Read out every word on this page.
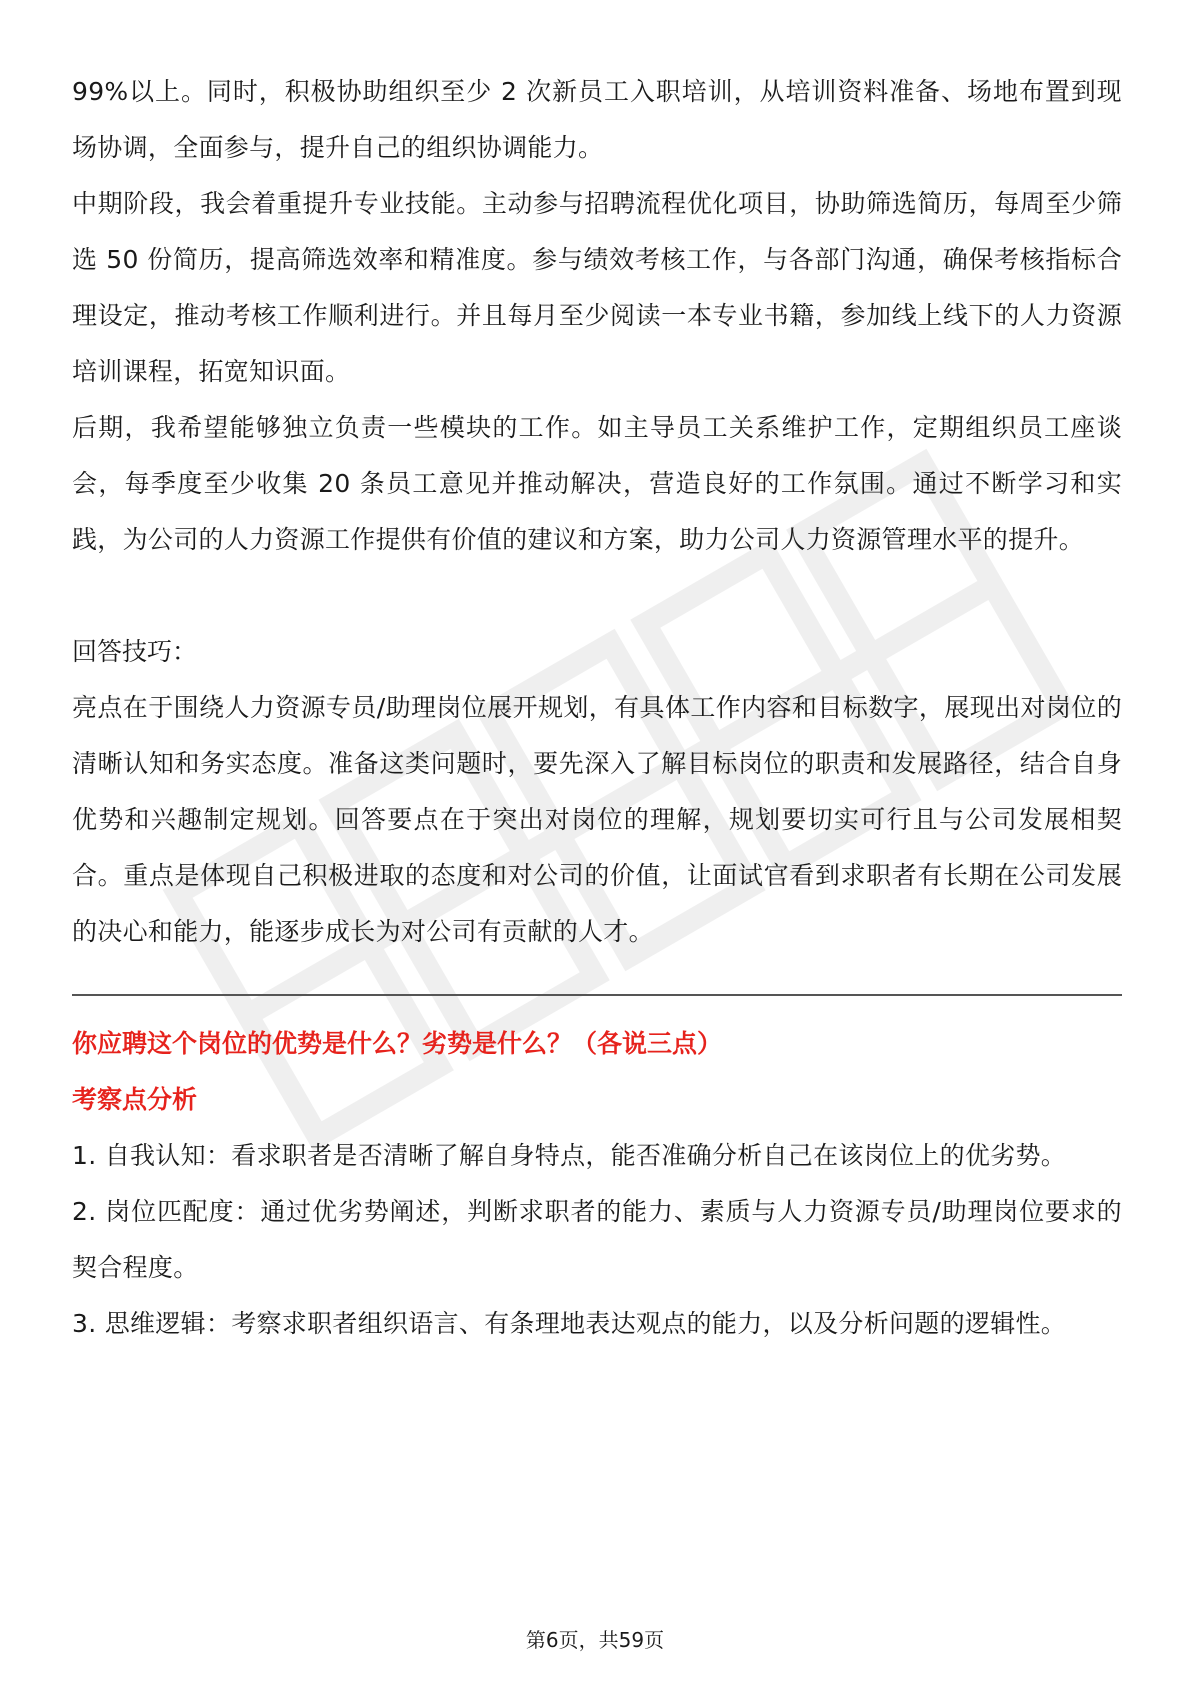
99%以上。同时，积极协助组织至少 2 次新员工入职培训，从培训资料准备、场地布置到现场协调，全面参与，提升自己的组织协调能力。

中期阶段，我会着重提升专业技能。主动参与招聘流程优化项目，协助筛选简历，每周至少筛选 50 份简历，提高筛选效率和精准度。参与绩效考核工作，与各部门沟通，确保考核指标合理设定，推动考核工作顺利进行。并且每月至少阅读一本专业书籍，参加线上线下的人力资源培训课程，拓宽知识面。

后期，我希望能够独立负责一些模块的工作。如主导员工关系维护工作，定期组织员工座谈会，每季度至少收集 20 条员工意见并推动解决，营造良好的工作氛围。通过不断学习和实践，为公司的人力资源工作提供有价值的建议和方案，助力公司人力资源管理水平的提升。

回答技巧：

亮点在于围绕人力资源专员/助理岗位展开规划，有具体工作内容和目标数字，展现出对岗位的清晰认知和务实态度。准备这类问题时，要先深入了解目标岗位的职责和发展路径，结合自身优势和兴趣制定规划。回答要点在于突出对岗位的理解，规划要切实可行且与公司发展相契合。重点是体现自己积极进取的态度和对公司的价值，让面试官看到求职者有长期在公司发展的决心和能力，能逐步成长为对公司有贡献的人才。

你应聘这个岗位的优势是什么？劣势是什么？（各说三点）

考察点分析

1. 自我认知：看求职者是否清晰了解自身特点，能否准确分析自己在该岗位上的优劣势。

2. 岗位匹配度：通过优劣势阐述，判断求职者的能力、素质与人力资源专员/助理岗位要求的契合程度。

3. 思维逻辑：考察求职者组织语言、有条理地表达观点的能力，以及分析问题的逻辑性。

第6页，共59页
